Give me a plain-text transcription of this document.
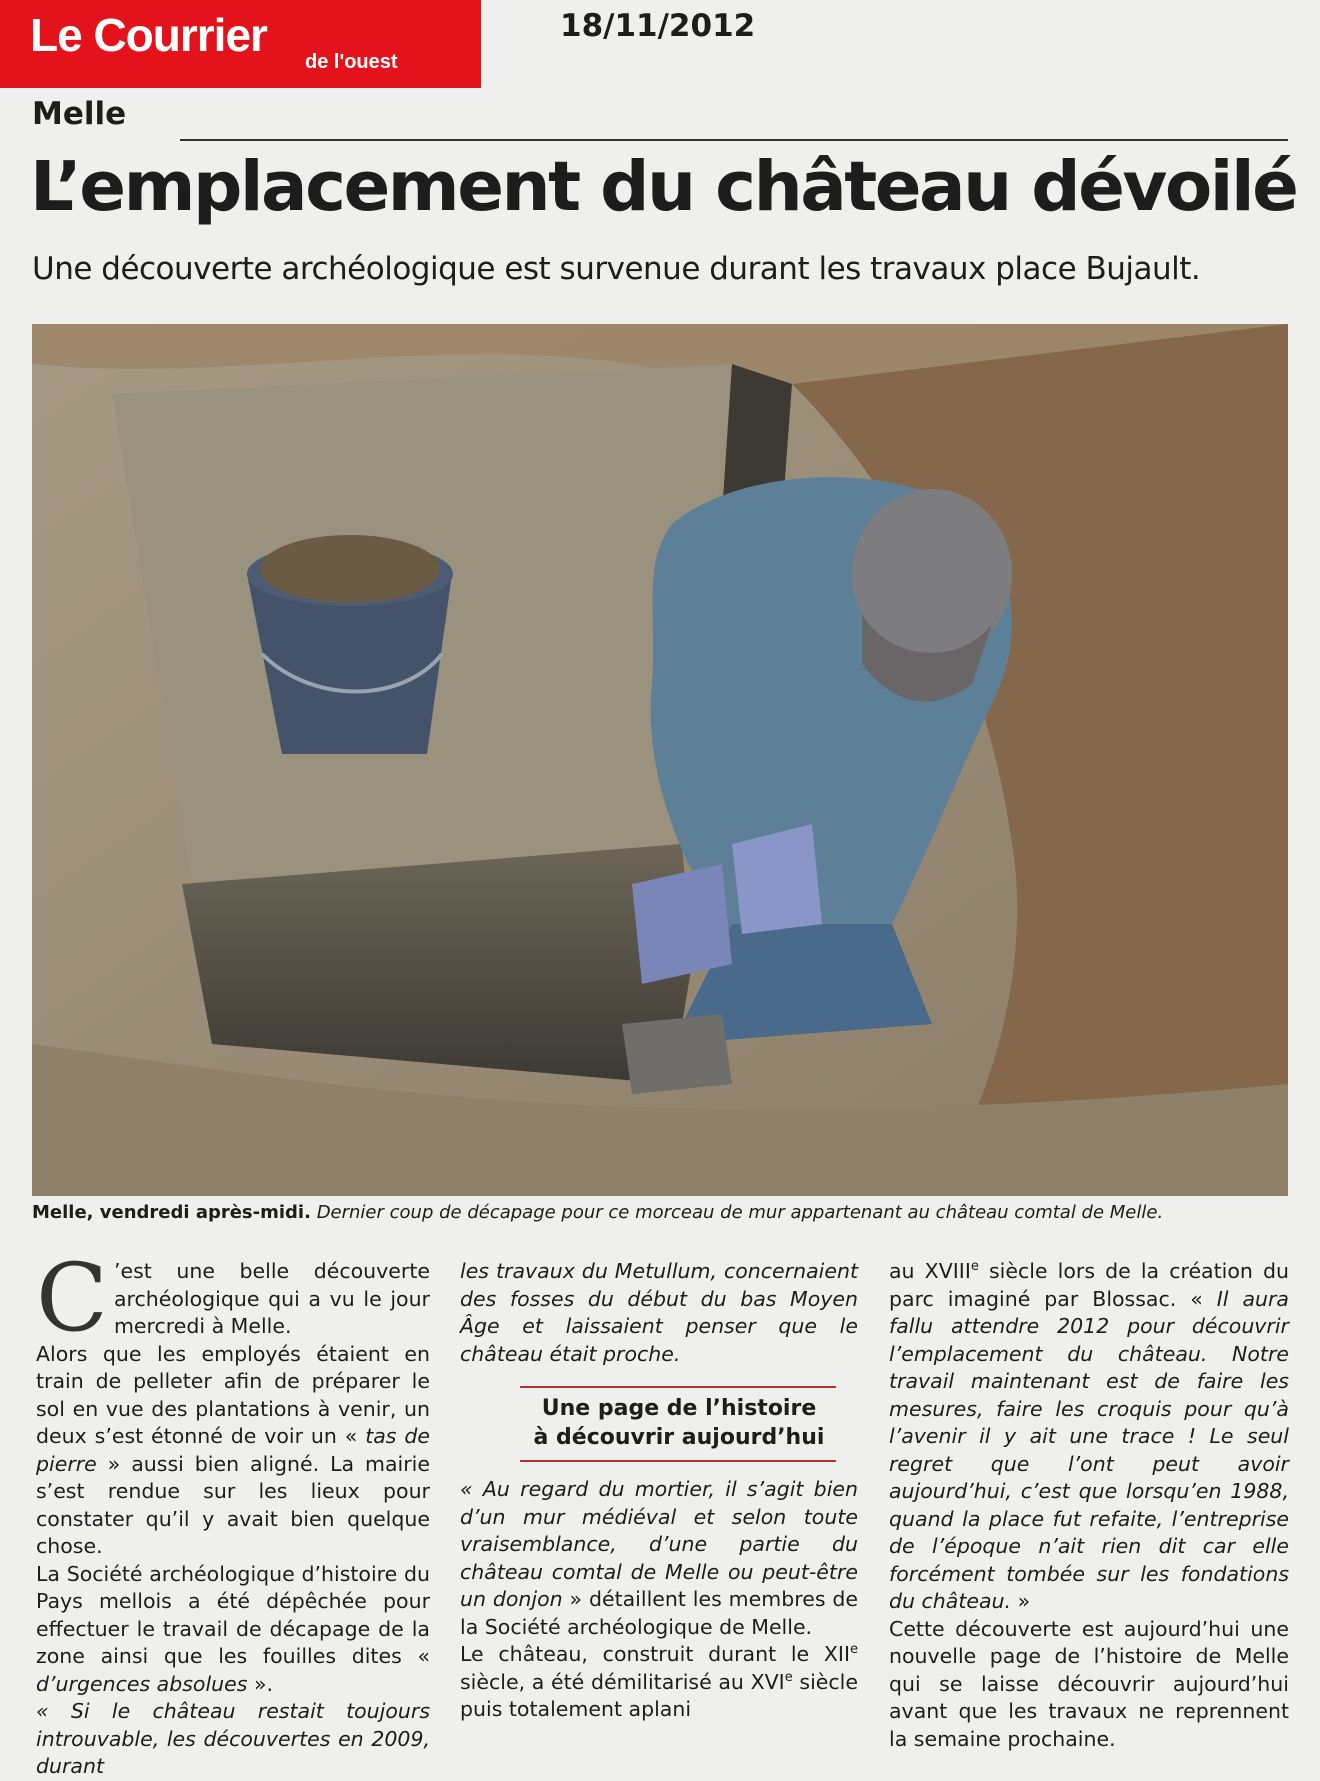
Le Courrier
de l'ouest
18/11/2012
Melle
L’emplacement du château dévoilé
Une découverte archéologique est survenue durant les travaux place Bujault.
Melle, vendredi après-midi. Dernier coup de décapage pour ce morceau de mur appartenant au château comtal de Melle.

C ’est une belle découverte archéologique qui a vu le jour mercredi à Melle.

Alors que les employés étaient en train de pelleter afin de préparer le sol en vue des plantations à venir, un deux s’est étonné de voir un « tas de pierre » aussi bien aligné. La mairie s’est rendue sur les lieux pour constater qu’il y avait bien quelque chose.

La Société archéologique d’histoire du Pays mellois a été dépêchée pour effectuer le travail de décapage de la zone ainsi que les fouilles dites « d’urgences absolues ».

« Si le château restait toujours introuvable, les découvertes en 2009, durant

les travaux du Metullum, concernaient des fosses du début du bas Moyen Âge et laissaient penser que le château était proche.

Une page de l’histoire
à découvrir aujourd’hui

« Au regard du mortier, il s’agit bien d’un mur médiéval et selon toute vraisemblance, d’une partie du château comtal de Melle ou peut-être un donjon » détaillent les membres de la Société archéologique de Melle.

Le château, construit durant le XIIe siècle, a été démilitarisé au XVIe siècle puis totalement aplani

au XVIIIe siècle lors de la création du parc imaginé par Blossac. « Il aura fallu attendre 2012 pour découvrir l’emplacement du château. Notre travail maintenant est de faire les mesures, faire les croquis pour qu’à l’avenir il y ait une trace ! Le seul regret que l’ont peut avoir aujourd’hui, c’est que lorsqu’en 1988, quand la place fut refaite, l’entreprise de l’époque n’ait rien dit car elle forcément tombée sur les fondations du château. »

Cette découverte est aujourd’hui une nouvelle page de l’histoire de Melle qui se laisse découvrir aujourd’hui avant que les travaux ne reprennent la semaine prochaine.
